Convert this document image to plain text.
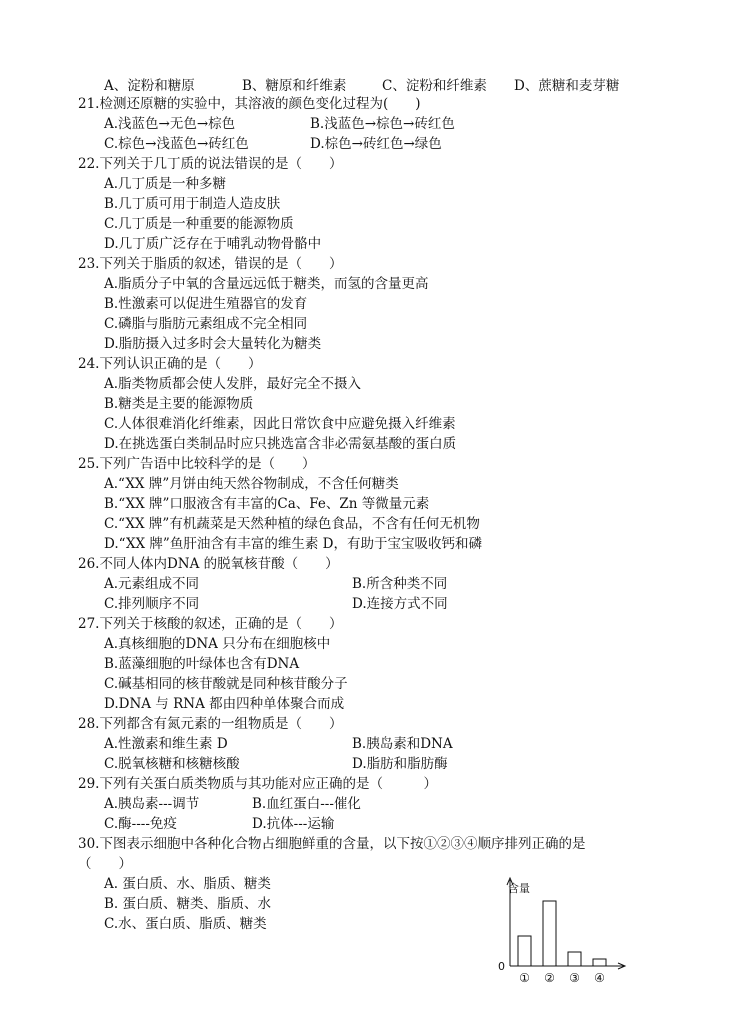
A、淀粉和糖原	B、糖原和纤维素	C、淀粉和纤维素 D、蔗糖和麦芽糖
21.检测还原糖的实验中，其溶液的颜色变化过程为(　　)
A.浅蓝色→无色→棕色	B.浅蓝色→棕色→砖红色
C.棕色→浅蓝色→砖红色	D.棕色→砖红色→绿色
22.下列关于几丁质的说法错误的是（　　）
A.几丁质是一种多糖
B.几丁质可用于制造人造皮肤
C.几丁质是一种重要的能源物质
D.几丁质广泛存在于哺乳动物骨骼中
23.下列关于脂质的叙述，错误的是（　　）
A.脂质分子中氧的含量远远低于糖类，而氢的含量更高
B.性激素可以促进生殖器官的发育
C.磷脂与脂肪元素组成不完全相同
D.脂肪摄入过多时会大量转化为糖类
24.下列认识正确的是（　　）
A.脂类物质都会使人发胖，最好完全不摄入
B.糖类是主要的能源物质
C.人体很难消化纤维素，因此日常饮食中应避免摄入纤维素
D.在挑选蛋白类制品时应只挑选富含非必需氨基酸的蛋白质
25.下列广告语中比较科学的是（　　）
A.“XX 牌”月饼由纯天然谷物制成，不含任何糖类
B.“XX 牌”口服液含有丰富的Ca、Fe、Zn 等微量元素
C.“XX 牌”有机蔬菜是天然种植的绿色食品，不含有任何无机物
D.“XX 牌”鱼肝油含有丰富的维生素 D，有助于宝宝吸收钙和磷
26.不同人体内DNA 的脱氧核苷酸（　　）
A.元素组成不同	B.所含种类不同
C.排列顺序不同	D.连接方式不同
27.下列关于核酸的叙述，正确的是（　　）
A.真核细胞的DNA 只分布在细胞核中
B.蓝藻细胞的叶绿体也含有DNA
C.碱基相同的核苷酸就是同种核苷酸分子
D.DNA 与 RNA 都由四种单体聚合而成
28.下列都含有氮元素的一组物质是（　　）
A.性激素和维生素 D	B.胰岛素和DNA
C.脱氧核糖和核糖核酸	D.脂肪和脂肪酶
29.下列有关蛋白质类物质与其功能对应正确的是（　　　）
A.胰岛素---调节	B.血红蛋白---催化
C.酶----免疫	D.抗体---运输
30.下图表示细胞中各种化合物占细胞鲜重的含量，以下按①②③④顺序排列正确的是
（　　）
A. 蛋白质、水、脂质、糖类
B. 蛋白质、糖类、脂质、水
C.水、蛋白质、脂质、糖类
含量
0
① ② ③ ④
